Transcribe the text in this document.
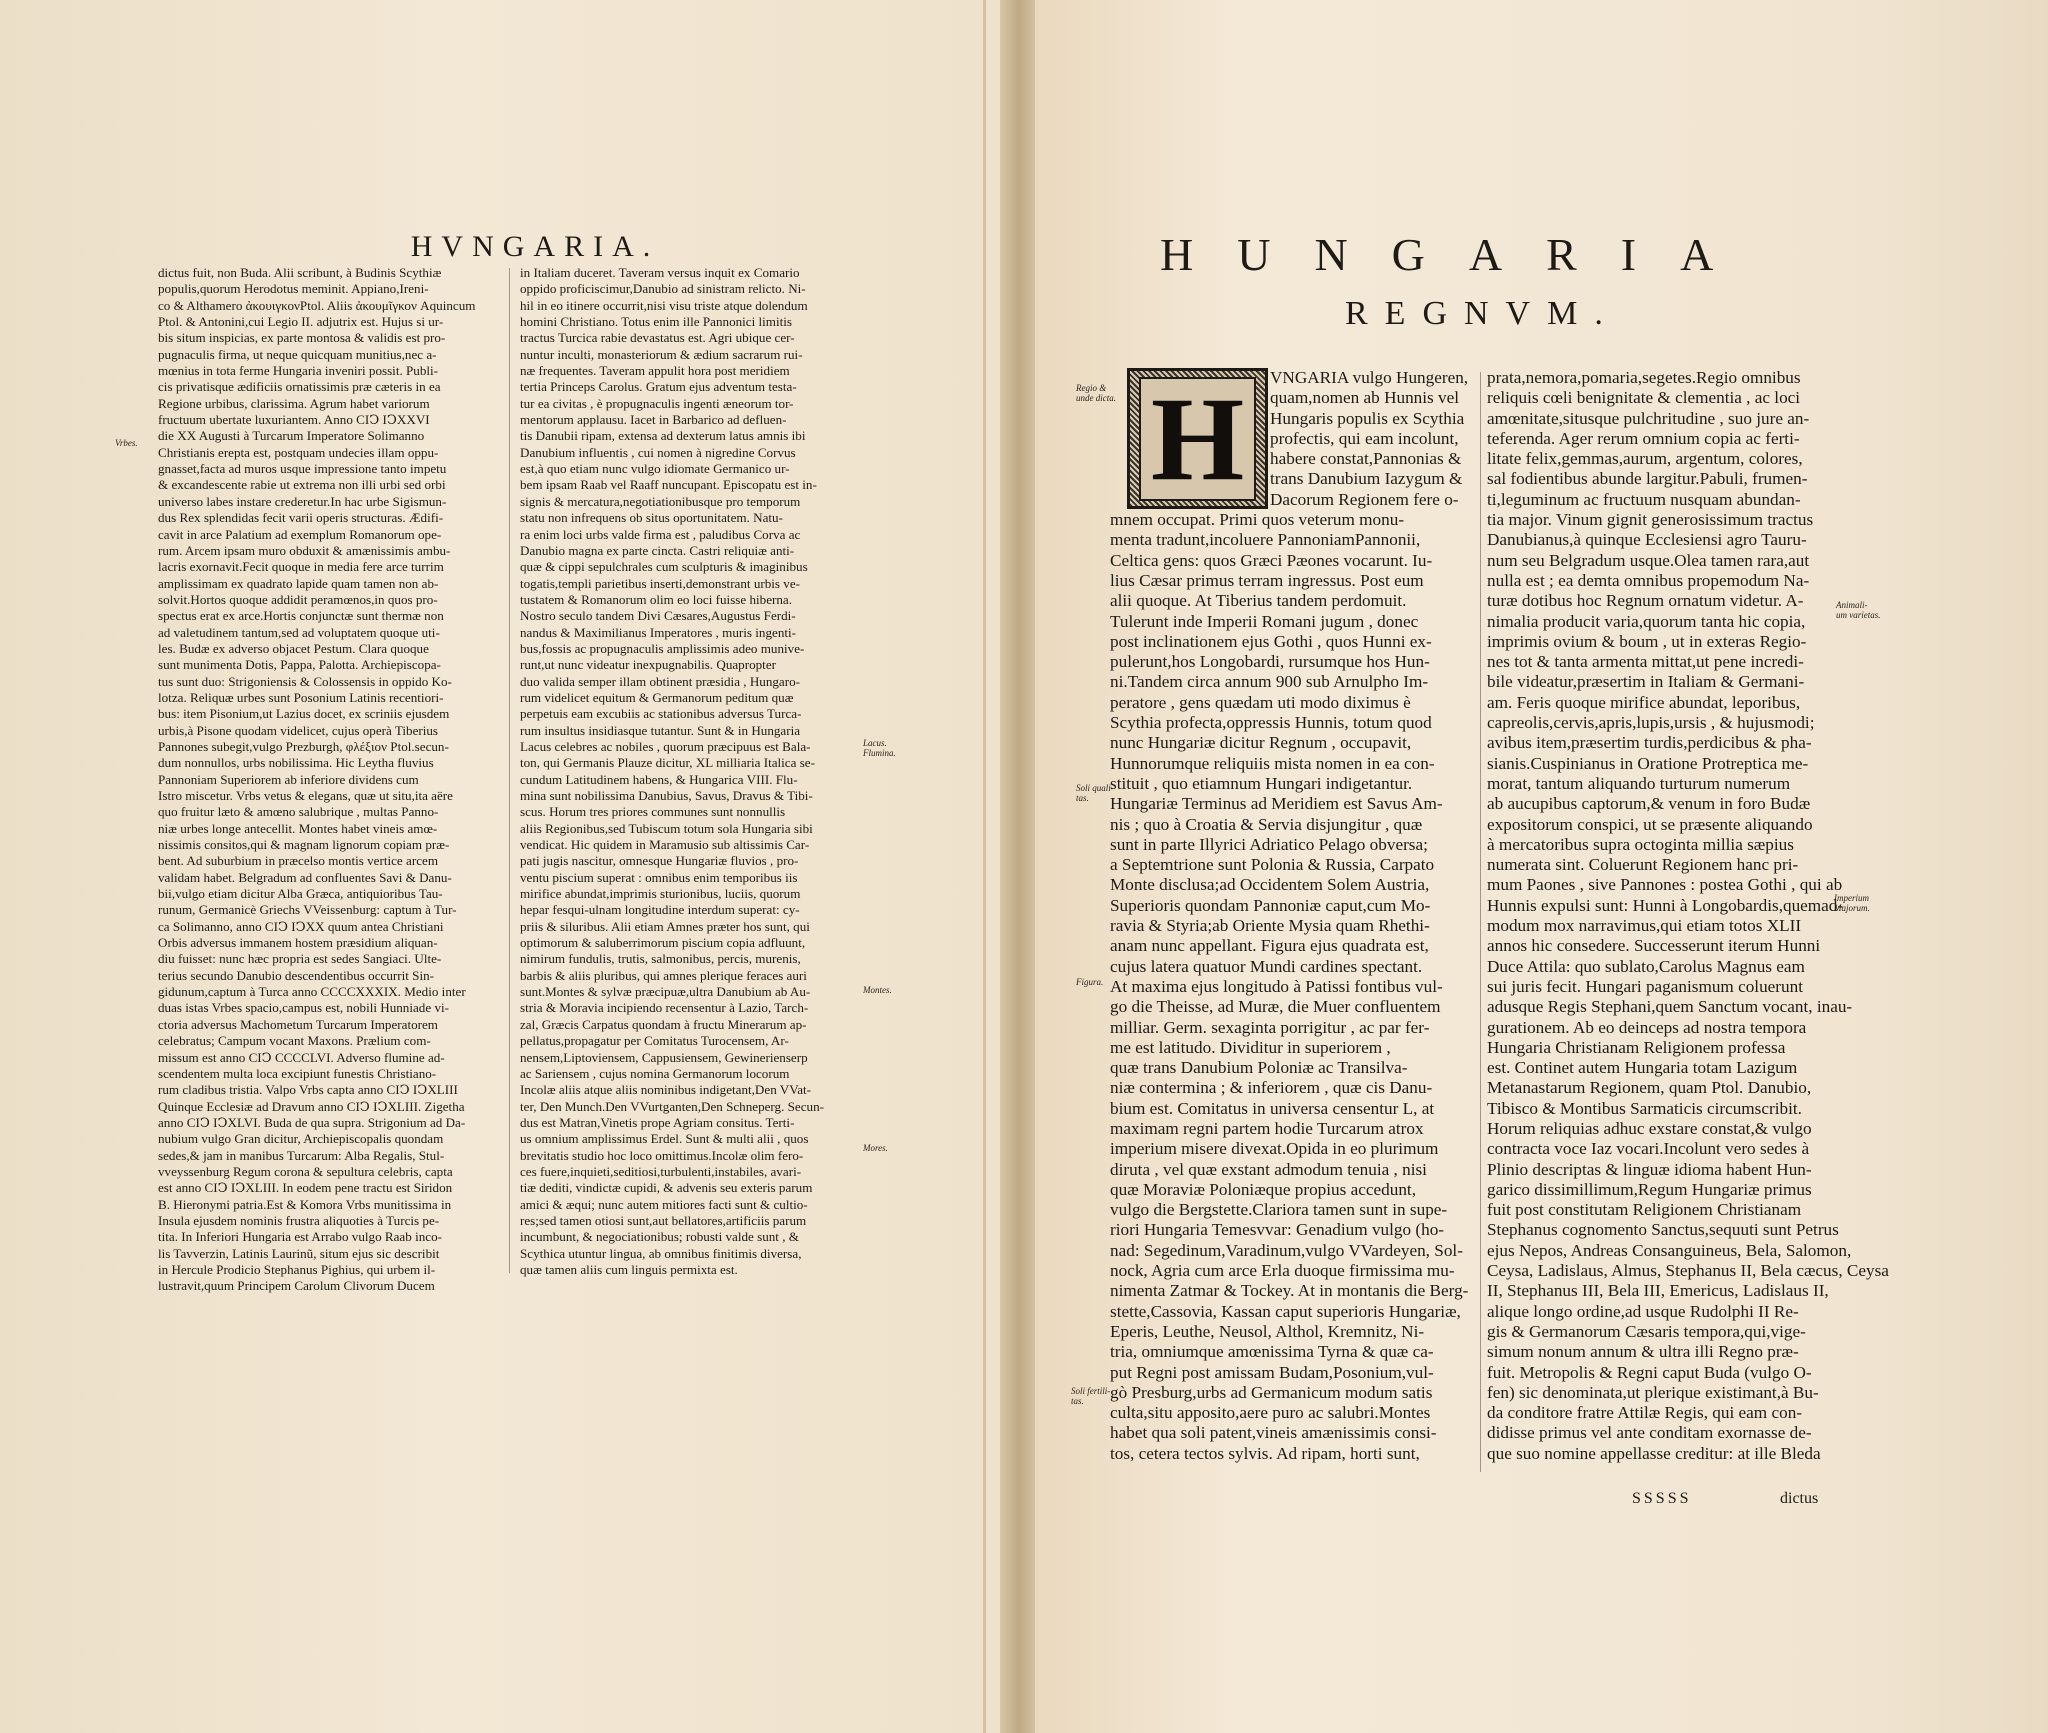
HVNGARIA.
dictus fuit, non Buda. Alii scribunt, à Budinis Scythiæ
populis,quorum Herodotus meminit. Appiano,Ireni-
co & Althamero ἀκουιγκονPtol. Aliis ἀκουμῖγκον Aquincum
Ptol. & Antonini,cui Legio II. adjutrix est. Hujus si ur-
bis situm inspicias, ex parte montosa & validis est pro-
pugnaculis firma, ut neque quicquam munitius,nec a-
mœnius in tota ferme Hungaria inveniri possit. Publi-
cis privatisque ædificiis ornatissimis præ cæteris in ea
Regione urbibus, clarissima. Agrum habet variorum
fructuum ubertate luxuriantem. Anno CIↃ IↃXXVI
die XX Augusti à Turcarum Imperatore Solimanno
Christianis erepta est, postquam undecies illam oppu-
gnasset,facta ad muros usque impressione tanto impetu
& excandescente rabie ut extrema non illi urbi sed orbi
universo labes instare crederetur.In hac urbe Sigismun-
dus Rex splendidas fecit varii operis structuras. Ædifi-
cavit in arce Palatium ad exemplum Romanorum ope-
rum. Arcem ipsam muro obduxit & amænissimis ambu-
lacris exornavit.Fecit quoque in media fere arce turrim
amplissimam ex quadrato lapide quam tamen non ab-
solvit.Hortos quoque addidit peramœnos,in quos pro-
spectus erat ex arce.Hortis conjunctæ sunt thermæ non
ad valetudinem tantum,sed ad voluptatem quoque uti-
les. Budæ ex adverso objacet Pestum. Clara quoque
sunt munimenta Dotis, Pappa, Palotta. Archiepiscopa-
tus sunt duo: Strigoniensis & Colossensis in oppido Ko-
lotza. Reliquæ urbes sunt Posonium Latinis recentiori-
bus: item Pisonium,ut Lazius docet, ex scriniis ejusdem
urbis,à Pisone quodam videlicet, cujus operà Tiberius
Pannones subegit,vulgo Prezburgh, φλέξιον Ptol.secun-
dum nonnullos, urbs nobilissima. Hic Leytha fluvius
Pannoniam Superiorem ab inferiore dividens cum
Istro miscetur. Vrbs vetus & elegans, quæ ut situ,ita aëre
quo fruitur læto & amœno salubrique , multas Panno-
niæ urbes longe antecellit. Montes habet vineis amœ-
nissimis consitos,qui & magnam lignorum copiam præ-
bent. Ad suburbium in præcelso montis vertice arcem
validam habet. Belgradum ad confluentes Savi & Danu-
bii,vulgo etiam dicitur Alba Græca, antiquioribus Tau-
runum, Germanicè Griechs VVeissenburg: captum à Tur-
ca Solimanno, anno CIↃ IↃXX quum antea Christiani
Orbis adversus immanem hostem præsidium aliquan-
diu fuisset: nunc hæc propria est sedes Sangiaci. Ulte-
terius secundo Danubio descendentibus occurrit Sin-
gidunum,captum à Turca anno CCCCXXXIX. Medio inter
duas istas Vrbes spacio,campus est, nobili Hunniade vi-
ctoria adversus Machometum Turcarum Imperatorem
celebratus; Campum vocant Maxons. Prælium com-
missum est anno CIↃ CCCCLVI. Adverso flumine ad-
scendentem multa loca excipiunt funestis Christiano-
rum cladibus tristia. Valpo Vrbs capta anno CIↃ IↃXLIII
Quinque Ecclesiæ ad Dravum anno CIↃ IↃXLIII. Zigetha
anno CIↃ IↃXLVI. Buda de qua supra. Strigonium ad Da-
nubium vulgo Gran dicitur, Archiepiscopalis quondam
sedes,& jam in manibus Turcarum: Alba Regalis, Stul-
vveyssenburg Regum corona & sepultura celebris, capta
est anno CIↃ IↃXLIII. In eodem pene tractu est Siridon
B. Hieronymi patria.Est & Komora Vrbs munitissima in
Insula ejusdem nominis frustra aliquoties à Turcis pe-
tita. In Inferiori Hungaria est Arrabo vulgo Raab inco-
lis Tavverzin, Latinis Laurinũ, situm ejus sic describit
in Hercule Prodicio Stephanus Pighius, qui urbem il-
lustravit,quum Principem Carolum Clivorum Ducem
in Italiam duceret. Taveram versus inquit ex Comario
oppido proficiscimur,Danubio ad sinistram relicto. Ni-
hil in eo itinere occurrit,nisi visu triste atque dolendum
homini Christiano. Totus enim ille Pannonici limitis
tractus Turcica rabie devastatus est. Agri ubique cer-
nuntur inculti, monasteriorum & ædium sacrarum rui-
næ frequentes. Taveram appulit hora post meridiem
tertia Princeps Carolus. Gratum ejus adventum testa-
tur ea civitas , è propugnaculis ingenti æneorum tor-
mentorum applausu. Iacet in Barbarico ad defluen-
tis Danubii ripam, extensa ad dexterum latus amnis ibi
Danubium influentis , cui nomen à nigredine Corvus
est,à quo etiam nunc vulgo idiomate Germanico ur-
bem ipsam Raab vel Raaff nuncupant. Episcopatu est in-
signis & mercatura,negotiationibusque pro temporum
statu non infrequens ob situs oportunitatem. Natu-
ra enim loci urbs valde firma est , paludibus Corva ac
Danubio magna ex parte cincta. Castri reliquiæ anti-
quæ & cippi sepulchrales cum sculpturis & imaginibus
togatis,templi parietibus inserti,demonstrant urbis ve-
tustatem & Romanorum olim eo loci fuisse hiberna.
Nostro seculo tandem Divi Cæsares,Augustus Ferdi-
nandus & Maximilianus Imperatores , muris ingenti-
bus,fossis ac propugnaculis amplissimis adeo munive-
runt,ut nunc videatur inexpugnabilis. Quapropter
duo valida semper illam obtinent præsidia , Hungaro-
rum videlicet equitum & Germanorum peditum quæ
perpetuis eam excubiis ac stationibus adversus Turca-
rum insultus insidiasque tutantur. Sunt & in Hungaria
Lacus celebres ac nobiles , quorum præcipuus est Bala-
ton, qui Germanis Plauze dicitur, XL milliaria Italica se-
cundum Latitudinem habens, & Hungarica VIII. Flu-
mina sunt nobilissima Danubius, Savus, Dravus & Tibi-
scus. Horum tres priores communes sunt nonnullis
aliis Regionibus,sed Tubiscum totum sola Hungaria sibi
vendicat. Hic quidem in Maramusio sub altissimis Car-
pati jugis nascitur, omnesque Hungariæ fluvios , pro-
ventu piscium superat : omnibus enim temporibus iis
mirifice abundat,imprimis sturionibus, luciis, quorum
hepar fesqui-ulnam longitudine interdum superat: cy-
priis & siluribus. Alii etiam Amnes præter hos sunt, qui
optimorum & saluberrimorum piscium copia adfluunt,
nimirum fundulis, trutis, salmonibus, percis, murenis,
barbis & aliis pluribus, qui amnes plerique feraces auri
sunt.Montes & sylvæ præcipuæ,ultra Danubium ab Au-
stria & Moravia incipiendo recensentur à Lazio, Tarch-
zal, Græcis Carpatus quondam à fructu Minerarum ap-
pellatus,propagatur per Comitatus Turocensem, Ar-
nensem,Liptoviensem, Cappusiensem, Gewinerienserp
ac Sariensem , cujus nomina Germanorum locorum
Incolæ aliis atque aliis nominibus indigetant,Den VVat-
ter, Den Munch.Den VVurtganten,Den Schneperg. Secun-
dus est Matran,Vinetis prope Agriam consitus. Terti-
us omnium amplissimus Erdel. Sunt & multi alii , quos
brevitatis studio hoc loco omittimus.Incolæ olim fero-
ces fuere,inquieti,seditiosi,turbulenti,instabiles, avari-
tiæ dediti, vindictæ cupidi, & advenis seu exteris parum
amici & æqui; nunc autem mitiores facti sunt & cultio-
res;sed tamen otiosi sunt,aut bellatores,artificiis parum
incumbunt, & negociationibus; robusti valde sunt , &
Scythica utuntur lingua, ab omnibus finitimis diversa,
quæ tamen aliis cum linguis permixta est.
Vrbes.
Lacus.
Flumina.
Montes.
Mores.
HUNGARIA
REGNVM.
H	VNGARIA vulgo Hungeren,
quam,nomen ab Hunnis vel
Hungaris populis ex Scythia
profectis, qui eam incolunt,
habere constat,Pannonias &
trans Danubium Iazygum &
Dacorum Regionem fere o-
mnem occupat. Primi quos veterum monu-
menta tradunt,incoluere PannoniamPannonii,
Celtica gens: quos Græci Pæones vocarunt. Iu-
lius Cæsar primus terram ingressus. Post eum
alii quoque. At Tiberius tandem perdomuit.
Tulerunt inde Imperii Romani jugum , donec
post inclinationem ejus Gothi , quos Hunni ex-
pulerunt,hos Longobardi, rursumque hos Hun-
ni.Tandem circa annum 900 sub Arnulpho Im-
peratore , gens quædam uti modo diximus è
Scythia profecta,oppressis Hunnis, totum quod
nunc Hungariæ dicitur Regnum , occupavit,
Hunnorumque reliquiis mista nomen in ea con-
stituit , quo etiamnum Hungari indigetantur.
Hungariæ Terminus ad Meridiem est Savus Am-
nis ; quo à Croatia & Servia disjungitur , quæ
sunt in parte Illyrici Adriatico Pelago obversa;
a Septemtrione sunt Polonia & Russia, Carpato
Monte disclusa;ad Occidentem Solem Austria,
Superioris quondam Pannoniæ caput,cum Mo-
ravia & Styria;ab Oriente Mysia quam Rhethi-
anam nunc appellant. Figura ejus quadrata est,
cujus latera quatuor Mundi cardines spectant.
At maxima ejus longitudo à Patissi fontibus vul-
go die Theisse, ad Muræ, die Muer confluentem
milliar. Germ. sexaginta porrigitur , ac par fer-
me est latitudo. Dividitur in superiorem ,
quæ trans Danubium Poloniæ ac Transilva-
niæ contermina ; & inferiorem , quæ cis Danu-
bium est. Comitatus in universa censentur L, at
maximam regni partem hodie Turcarum atrox
imperium misere divexat.Opida in eo plurimum
diruta , vel quæ exstant admodum tenuia , nisi
quæ Moraviæ Poloniæque propius accedunt,
vulgo die Bergstette.Clariora tamen sunt in supe-
riori Hungaria Temesvvar: Genadium vulgo (ho-
nad: Segedinum,Varadinum,vulgo VVardeyen, Sol-
nock, Agria cum arce Erla duoque firmissima mu-
nimenta Zatmar & Tockey. At in montanis die Berg-
stette,Cassovia, Kassan caput superioris Hungariæ,
Eperis, Leuthe, Neusol, Althol, Kremnitz, Ni-
tria, omniumque amœnissima Tyrna & quæ ca-
put Regni post amissam Budam,Posonium,vul-
gò Presburg,urbs ad Germanicum modum satis
culta,situ apposito,aere puro ac salubri.Montes
habet qua soli patent,vineis amænissimis consi-
tos, cetera tectos sylvis. Ad ripam, horti sunt,
prata,nemora,pomaria,segetes.Regio omnibus
reliquis cœli benignitate & clementia , ac loci
amœnitate,situsque pulchritudine , suo jure an-
teferenda. Ager rerum omnium copia ac ferti-
litate felix,gemmas,aurum, argentum, colores,
sal fodientibus abunde largitur.Pabuli, frumen-
ti,leguminum ac fructuum nusquam abundan-
tia major. Vinum gignit generosissimum tractus
Danubianus,à quinque Ecclesiensi agro Tauru-
num seu Belgradum usque.Olea tamen rara,aut
nulla est ; ea demta omnibus propemodum Na-
turæ dotibus hoc Regnum ornatum videtur. A-
nimalia producit varia,quorum tanta hic copia,
imprimis ovium & boum , ut in exteras Regio-
nes tot & tanta armenta mittat,ut pene incredi-
bile videatur,præsertim in Italiam & Germani-
am. Feris quoque mirifice abundat, leporibus,
capreolis,cervis,apris,lupis,ursis , & hujusmodi;
avibus item,præsertim turdis,perdicibus & pha-
sianis.Cuspinianus in Oratione Protreptica me-
morat, tantum aliquando turturum numerum
ab aucupibus captorum,& venum in foro Budæ
expositorum conspici, ut se præsente aliquando
à mercatoribus supra octoginta millia sæpius
numerata sint. Coluerunt Regionem hanc pri-
mum Paones , sive Pannones : postea Gothi , qui ab
Hunnis expulsi sunt: Hunni à Longobardis,quemad-
modum mox narravimus,qui etiam totos XLII
annos hic consedere. Successerunt iterum Hunni
Duce Attila: quo sublato,Carolus Magnus eam
sui juris fecit. Hungari paganismum coluerunt
adusque Regis Stephani,quem Sanctum vocant, inau-
gurationem. Ab eo deinceps ad nostra tempora
Hungaria Christianam Religionem professa
est. Continet autem Hungaria totam Lazigum
Metanastarum Regionem, quam Ptol. Danubio,
Tibisco & Montibus Sarmaticis circumscribit.
Horum reliquias adhuc exstare constat,& vulgo
contracta voce Iaz vocari.Incolunt vero sedes à
Plinio descriptas & linguæ idioma habent Hun-
garico dissimillimum,Regum Hungariæ primus
fuit post constitutam Religionem Christianam
Stephanus cognomento Sanctus,sequuti sunt Petrus
ejus Nepos, Andreas Consanguineus, Bela, Salomon,
Ceysa, Ladislaus, Almus, Stephanus II, Bela cæcus, Ceysa
II, Stephanus III, Bela III, Emericus, Ladislaus II,
alique longo ordine,ad usque Rudolphi II Re-
gis & Germanorum Cæsaris tempora,qui,vige-
simum nonum annum & ultra illi Regno præ-
fuit. Metropolis & Regni caput Buda (vulgo O-
fen) sic denominata,ut plerique existimant,à Bu-
da conditore fratre Attilæ Regis, qui eam con-
didisse primus vel ante conditam exornasse de-
que suo nomine appellasse creditur: at ille Bleda
Regio &
unde dicta.
Soli quali-
tas.
Figura.
Soli fertili-
tas.
Animali-
um varietas.
Imperium
Majorum.
SSSSS	dictus
